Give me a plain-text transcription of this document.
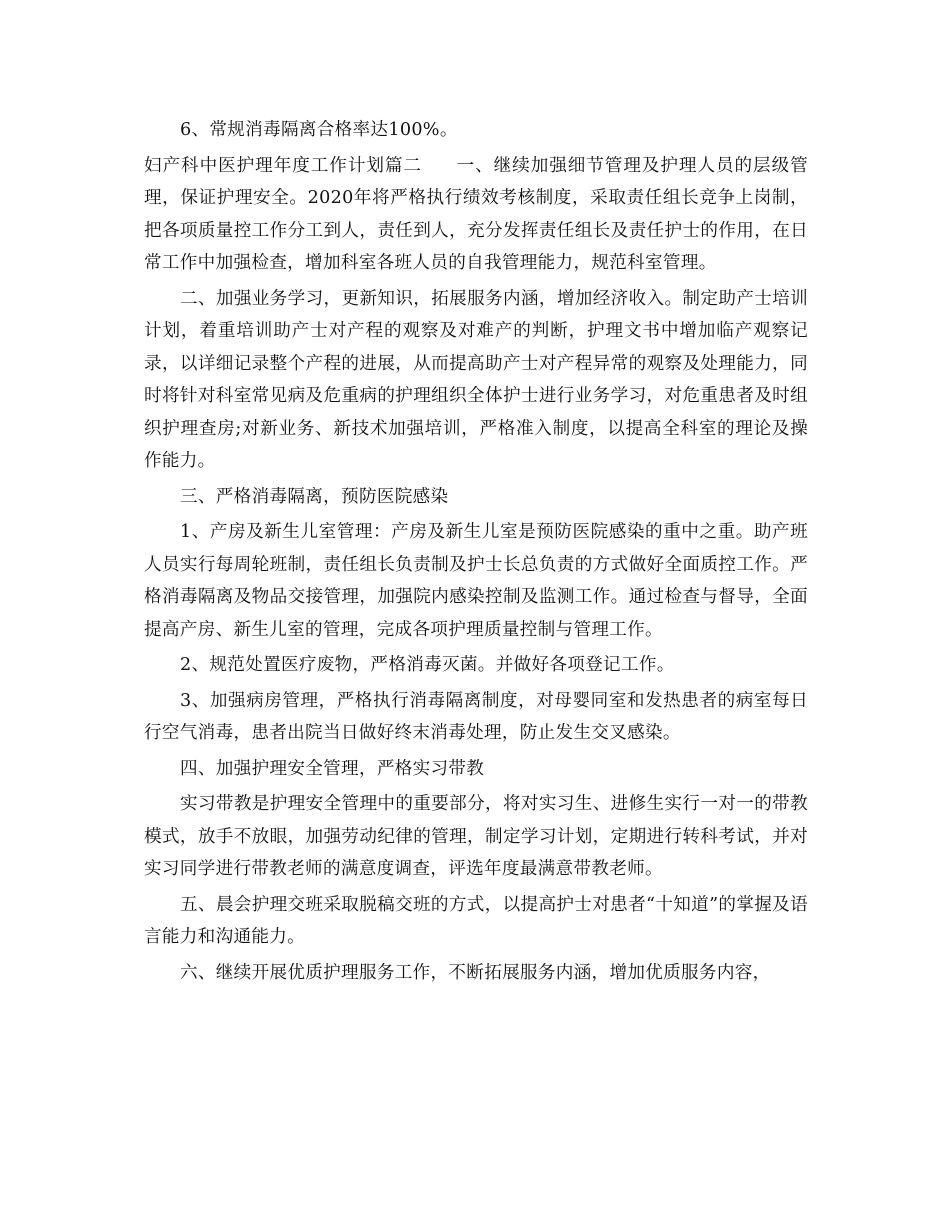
6、常规消毒隔离合格率达100%。

妇产科中医护理年度工作计划篇二 一、继续加强细节管理及护理人员的层级管理，保证护理安全。2020年将严格执行绩效考核制度，采取责任组长竞争上岗制，把各项质量控工作分工到人，责任到人，充分发挥责任组长及责任护士的作用，在日常工作中加强检查，增加科室各班人员的自我管理能力，规范科室管理。

二、加强业务学习，更新知识，拓展服务内涵，增加经济收入。制定助产士培训计划，着重培训助产士对产程的观察及对难产的判断，护理文书中增加临产观察记录，以详细记录整个产程的进展，从而提高助产士对产程异常的观察及处理能力，同时将针对科室常见病及危重病的护理组织全体护士进行业务学习，对危重患者及时组织护理查房;对新业务、新技术加强培训，严格准入制度，以提高全科室的理论及操作能力。

三、严格消毒隔离，预防医院感染

1、产房及新生儿室管理：产房及新生儿室是预防医院感染的重中之重。助产班人员实行每周轮班制，责任组长负责制及护士长总负责的方式做好全面质控工作。严格消毒隔离及物品交接管理，加强院内感染控制及监测工作。通过检查与督导，全面提高产房、新生儿室的管理，完成各项护理质量控制与管理工作。

2、规范处置医疗废物，严格消毒灭菌。并做好各项登记工作。

3、加强病房管理，严格执行消毒隔离制度，对母婴同室和发热患者的病室每日行空气消毒，患者出院当日做好终末消毒处理，防止发生交叉感染。

四、加强护理安全管理，严格实习带教

实习带教是护理安全管理中的重要部分，将对实习生、进修生实行一对一的带教模式，放手不放眼，加强劳动纪律的管理，制定学习计划，定期进行转科考试，并对实习同学进行带教老师的满意度调查，评选年度最满意带教老师。

五、晨会护理交班采取脱稿交班的方式，以提高护士对患者“十知道”的掌握及语言能力和沟通能力。

六、继续开展优质护理服务工作，不断拓展服务内涵，增加优质服务内容，
